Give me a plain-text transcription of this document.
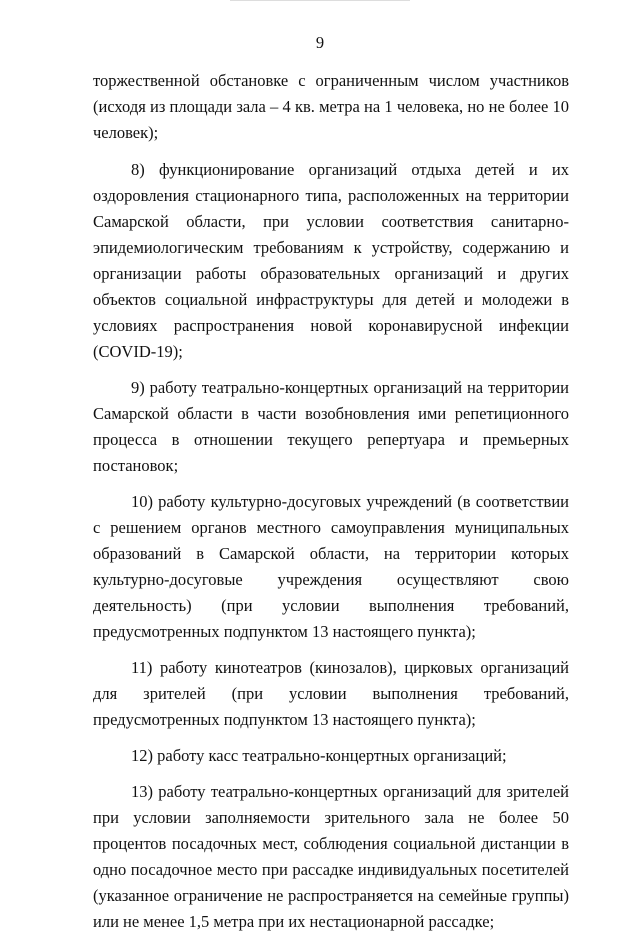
9

торжественной обстановке с ограниченным числом участников (исходя из площади зала – 4 кв. метра на 1 человека, но не более 10 человек);

8) функционирование организаций отдыха детей и их оздоровления стационарного типа, расположенных на территории Самарской области, при условии соответствия санитарно-эпидемиологическим требованиям к устройству, содержанию и организации работы образовательных организаций и других объектов социальной инфраструктуры для детей и молодежи в условиях распространения новой коронавирусной инфекции (COVID-19);

9) работу театрально-концертных организаций на территории Самарской области в части возобновления ими репетиционного процесса в отношении текущего репертуара и премьерных постановок;

10) работу культурно-досуговых учреждений (в соответствии с решением органов местного самоуправления муниципальных образований в Самарской области, на территории которых культурно-досуговые учреждения осуществляют свою деятельность) (при условии выполнения требований, предусмотренных подпунктом 13 настоящего пункта);

11) работу кинотеатров (кинозалов), цирковых организаций для зрителей (при условии выполнения требований, предусмотренных подпунктом 13 настоящего пункта);

12) работу касс театрально-концертных организаций;

13) работу театрально-концертных организаций для зрителей при условии заполняемости зрительного зала не более 50 процентов посадочных мест, соблюдения социальной дистанции в одно посадочное место при рассадке индивидуальных посетителей (указанное ограничение не распространяется на семейные группы) или не менее 1,5 метра при их нестационарной рассадке;
